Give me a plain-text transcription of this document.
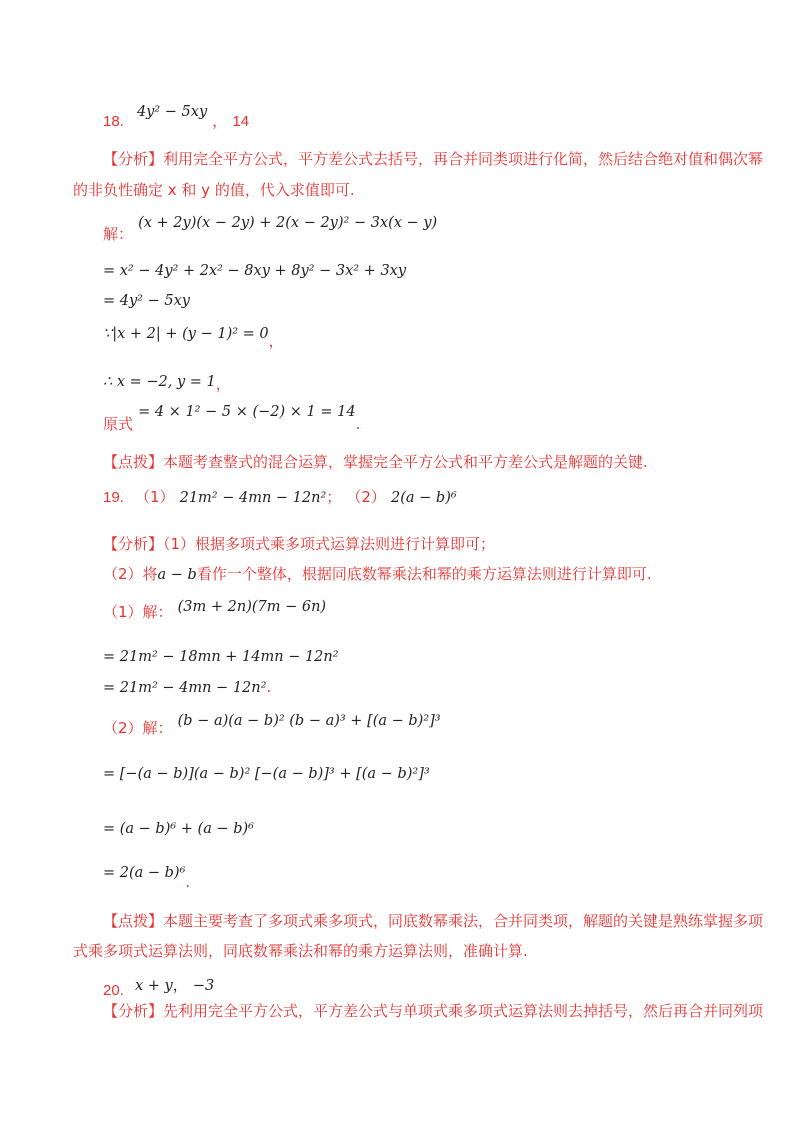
18. 4y² − 5xy ， 14
【分析】利用完全平方公式，平方差公式去括号，再合并同类项进行化简，然后结合绝对值和偶次幂
的非负性确定 x 和 y 的值，代入求值即可.
解： (x + 2y)(x − 2y) + 2(x − 2y)² − 3x(x − y)
= x² − 4y² + 2x² − 8xy + 8y² − 3x² + 3xy
= 4y² − 5xy
∵|x + 2| + (y − 1)² = 0，
∴ x = −2, y = 1，
原式 = 4 × 1² − 5 × (−2) × 1 = 14.
【点拨】本题考查整式的混合运算，掌握完全平方公式和平方差公式是解题的关键.
19. （1） 21m² − 4mn − 12n²； （2） 2(a − b)⁶
【分析】（1）根据多项式乘多项式运算法则进行计算即可；
（2）将a − b看作一个整体，根据同底数幂乘法和幂的乘方运算法则进行计算即可.
（1）解： (3m + 2n)(7m − 6n)
= 21m² − 18mn + 14mn − 12n²
= 21m² − 4mn − 12n².
（2）解： (b − a)(a − b)² (b − a)³ + [(a − b)²]³
= [−(a − b)](a − b)² [−(a − b)]³ + [(a − b)²]³
= (a − b)⁶ + (a − b)⁶
= 2(a − b)⁶.
【点拨】本题主要考查了多项式乘多项式，同底数幂乘法，合并同类项，解题的关键是熟练掌握多项
式乘多项式运算法则，同底数幂乘法和幂的乘方运算法则，准确计算.
20. x + y， −3
【分析】先利用完全平方公式，平方差公式与单项式乘多项式运算法则去掉括号，然后再合并同列项
